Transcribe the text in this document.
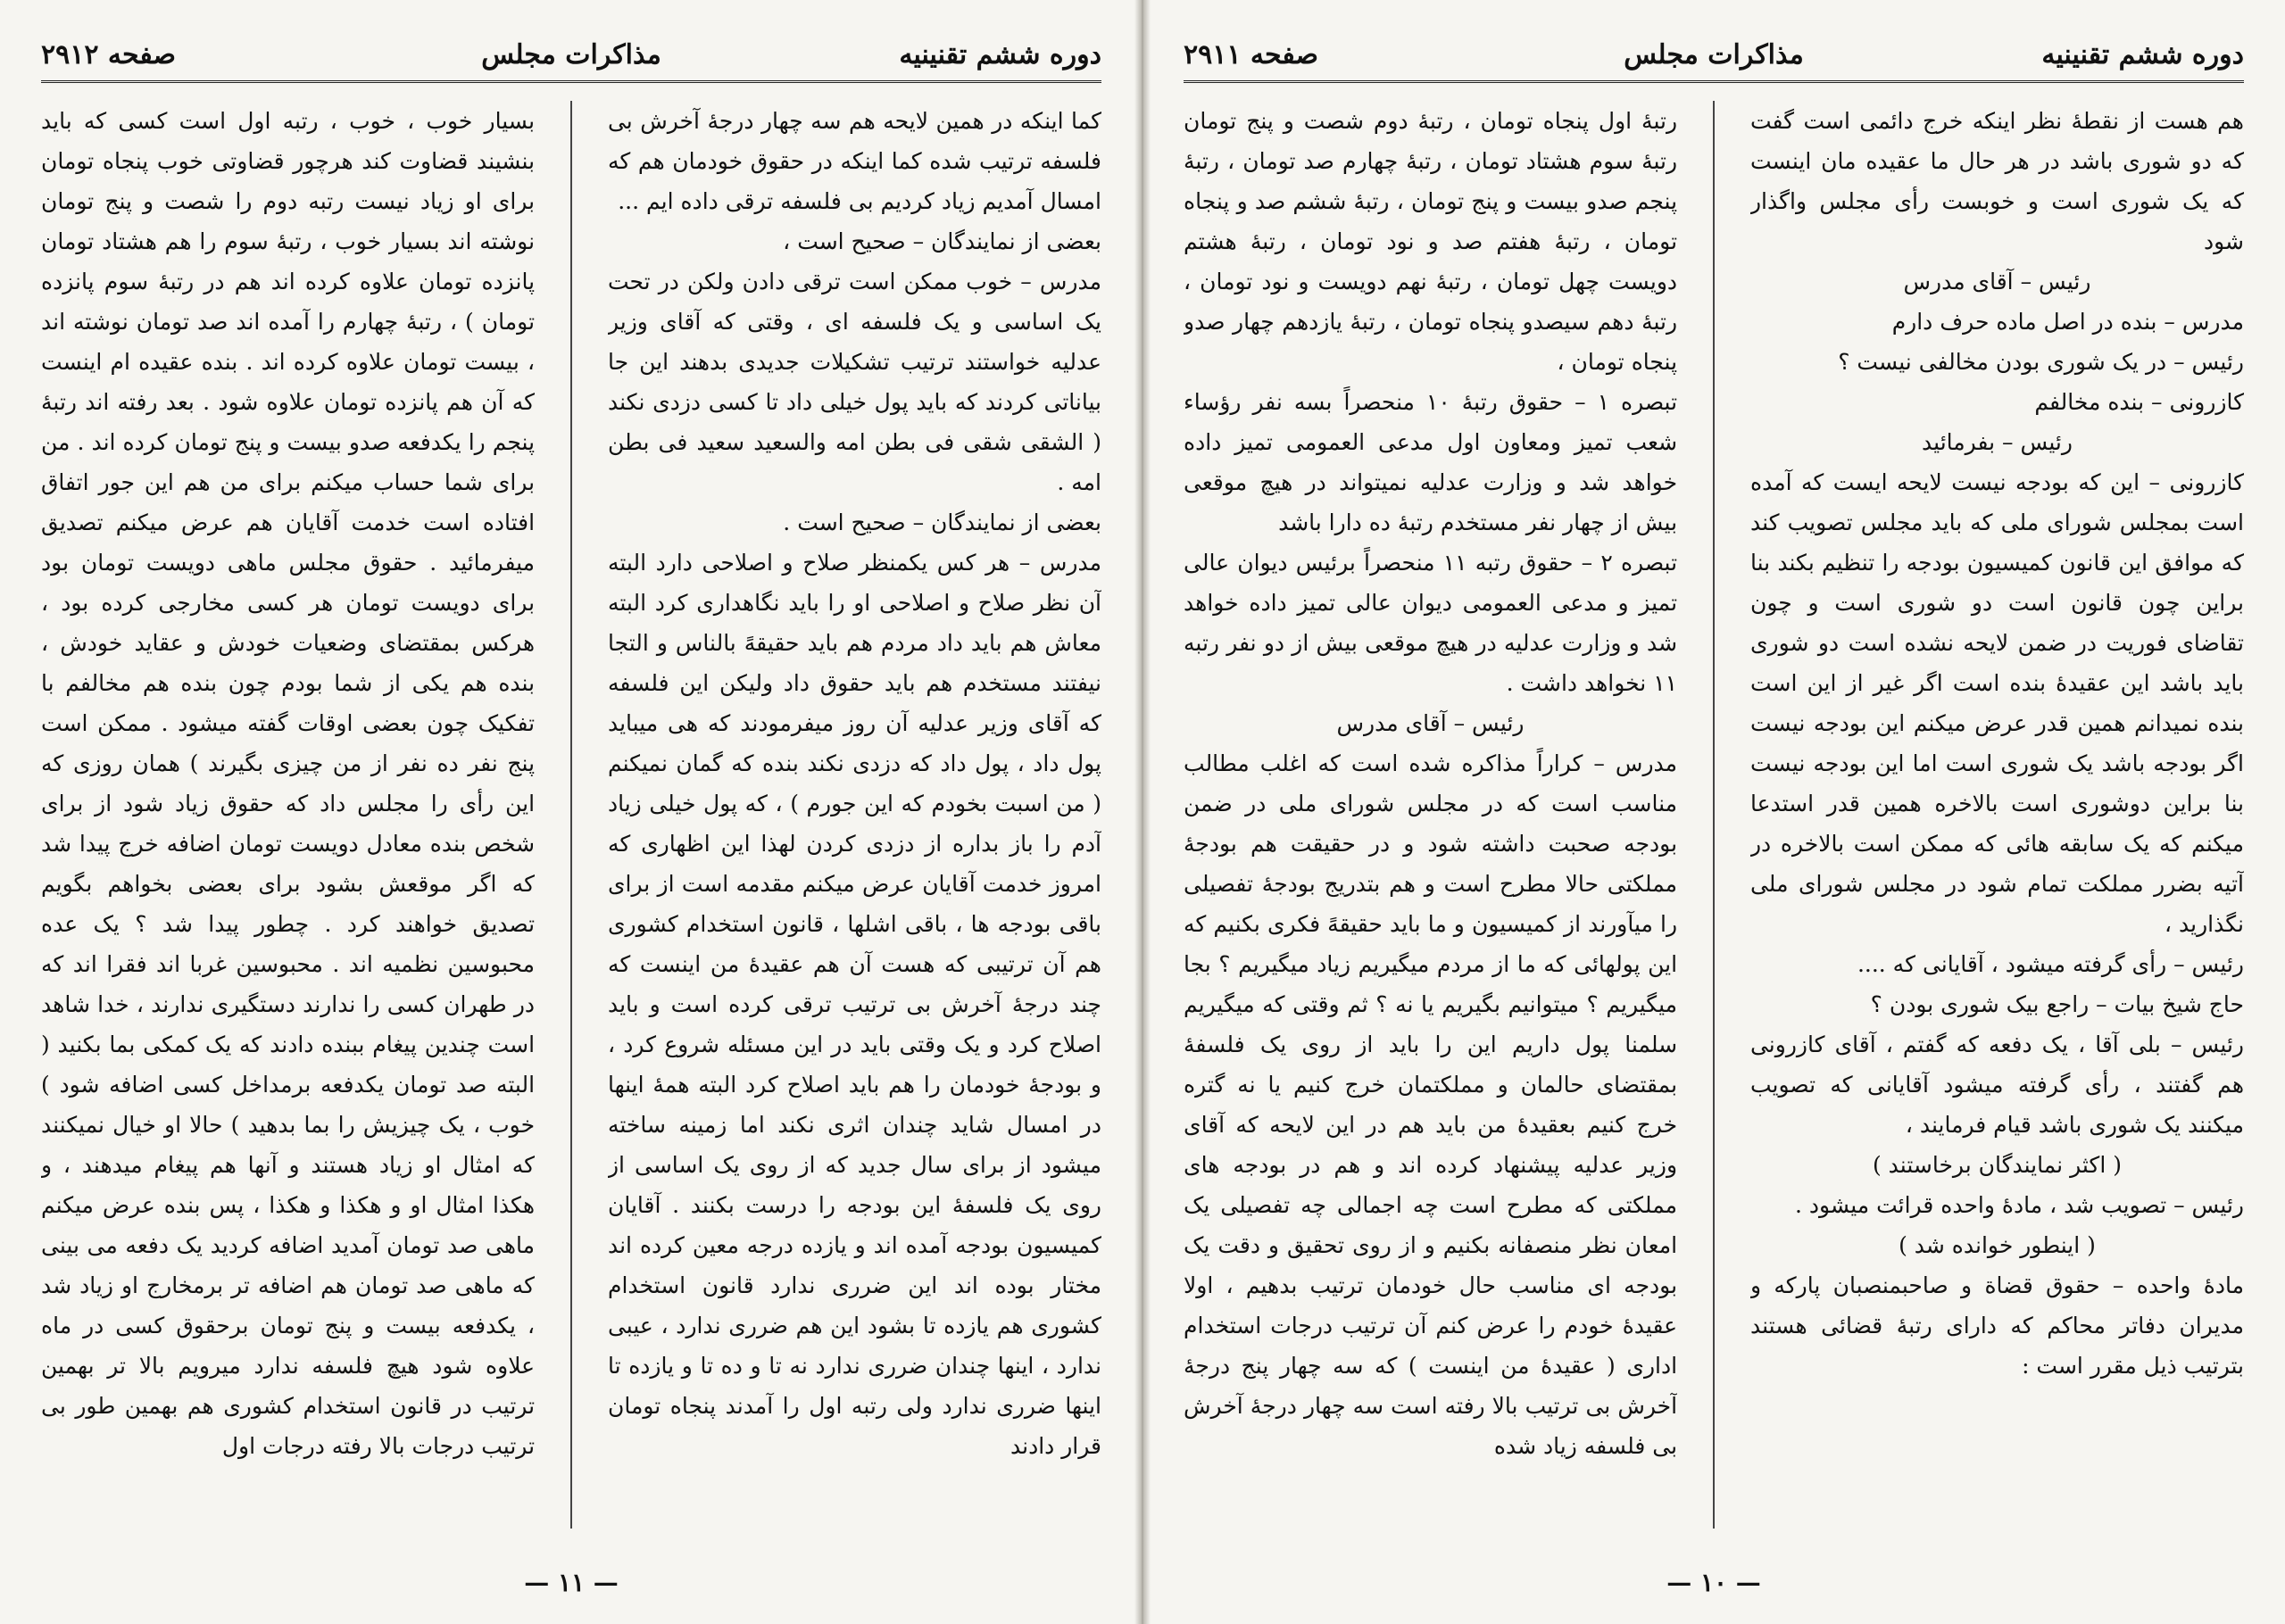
دوره ششم تقنینیه
مذاکرات مجلس
صفحه ۲۹۱۲

کما اینکه در همین لایحه هم سه چهار درجهٔ آخرش بی فلسفه ترتیب شده کما اینکه در حقوق خودمان هم که امسال آمدیم زیاد کردیم بی فلسفه ترقی داده ایم ...

بعضی از نمایندگان – صحیح است ،

مدرس – خوب ممکن است ترقی دادن ولکن در تحت یک اساسی و یک فلسفه ای ، وقتی که آقای وزیر عدلیه خواستند ترتیب تشکیلات جدیدی بدهند این جا بیاناتی کردند که باید پول خیلی داد تا کسی دزدی نکند ( الشقی شقی فی بطن امه والسعید سعید فی بطن امه .

بعضی از نمایندگان – صحیح است .

مدرس – هر کس یکمنظر صلاح و اصلاحی دارد البته آن نظر صلاح و اصلاحی او را باید نگاهداری کرد البته معاش هم باید داد مردم هم باید حقیقهً بالناس و التجا نیفتند مستخدم هم باید حقوق داد ولیکن این فلسفه که آقای وزیر عدلیه آن روز میفرمودند که هی میباید پول داد ، پول داد که دزدی نکند بنده که گمان نمیکنم ( من اسبت بخودم که این جورم ) ، که پول خیلی زیاد آدم را باز بداره از دزدی کردن لهذا این اظهاری که امروز خدمت آقایان عرض میکنم مقدمه است از برای باقی بودجه ها ، باقی اشلها ، قانون استخدام کشوری هم آن ترتیبی که هست آن هم عقیدهٔ من اینست که چند درجهٔ آخرش بی ترتیب ترقی کرده است و باید اصلاح کرد و یک وقتی باید در این مسئله شروع کرد ، و بودجهٔ خودمان را هم باید اصلاح کرد البته همهٔ اینها در امسال شاید چندان اثری نکند اما زمینه ساخته میشود از برای سال جدید که از روی یک اساسی از روی یک فلسفهٔ این بودجه را درست بکنند . آقایان کمیسیون بودجه آمده اند و یازده درجه معین کرده اند مختار بوده اند این ضرری ندارد قانون استخدام کشوری هم یازده تا بشود این هم ضرری ندارد ، عیبی ندارد ، اینها چندان ضرری ندارد نه تا و ده تا و یازده تا اینها ضرری ندارد ولی رتبه اول را آمدند پنجاه تومان قرار دادند

بسیار خوب ، خوب ، رتبه اول است کسی که باید بنشیند قضاوت کند هرچور قضاوتی خوب پنجاه تومان برای او زیاد نیست رتبه دوم را شصت و پنج تومان نوشته اند بسیار خوب ، رتبهٔ سوم را هم هشتاد تومان پانزده تومان علاوه کرده اند هم در رتبهٔ سوم پانزده تومان ) ، رتبهٔ چهارم را آمده اند صد تومان نوشته اند ، بیست تومان علاوه کرده اند . بنده عقیده ام اینست که آن هم پانزده تومان علاوه شود . بعد رفته اند رتبهٔ پنجم را یکدفعه صدو بیست و پنج تومان کرده اند . من برای شما حساب میکنم برای من هم این جور اتفاق افتاده است خدمت آقایان هم عرض میکنم تصدیق میفرمائید . حقوق مجلس ماهی دویست تومان بود برای دویست تومان هر کسی مخارجی کرده بود ، هرکس بمقتضای وضعیات خودش و عقاید خودش ، بنده هم یکی از شما بودم چون بنده هم مخالفم با تفکیک چون بعضی اوقات گفته میشود . ممکن است پنج نفر ده نفر از من چیزی بگیرند ) همان روزی که این رأی را مجلس داد که حقوق زیاد شود از برای شخص بنده معادل دویست تومان اضافه خرج پیدا شد که اگر موقعش بشود برای بعضی بخواهم بگویم تصدیق خواهند کرد . چطور پیدا شد ؟ یک عده محبوسین نظمیه اند . محبوسین غربا اند فقرا اند که در طهران کسی را ندارند دستگیری ندارند ، خدا شاهد است چندین پیغام ببنده دادند که یک کمکی بما بکنید ( البته صد تومان یکدفعه برمداخل کسی اضافه شود ) خوب ، یک چیزیش را بما بدهید ) حالا او خیال نمیکنند که امثال او زیاد هستند و آنها هم پیغام میدهند ، و هکذا امثال او و هکذا و هکذا ، پس بنده عرض میکنم ماهی صد تومان آمدید اضافه کردید یک دفعه می بینی که ماهی صد تومان هم اضافه تر برمخارج او زیاد شد ، یکدفعه بیست و پنج تومان برحقوق کسی در ماه علاوه شود هیچ فلسفه ندارد میرویم بالا تر بهمین ترتیب در قانون استخدام کشوری هم بهمین طور بی ترتیب درجات بالا رفته درجات اول

— ۱۱ —
دوره ششم تقنینیه
مذاکرات مجلس
صفحه ۲۹۱۱

هم هست از نقطهٔ نظر اینکه خرج دائمی است گفت که دو شوری باشد در هر حال ما عقیده مان اینست که یک شوری است و خوبست رأی مجلس واگذار شود

رئیس – آقای مدرس

مدرس – بنده در اصل ماده حرف دارم

رئیس – در یک شوری بودن مخالفی نیست ؟

کازرونی – بنده مخالفم

رئیس – بفرمائید

کازرونی – این که بودجه نیست لایحه ایست که آمده است بمجلس شورای ملی که باید مجلس تصویب کند که موافق این قانون کمیسیون بودجه را تنظیم بکند بنا براین چون قانون است دو شوری است و چون تقاضای فوریت در ضمن لایحه نشده است دو شوری باید باشد این عقیدهٔ بنده است اگر غیر از این است بنده نمیدانم همین قدر عرض میکنم این بودجه نیست اگر بودجه باشد یک شوری است اما این بودجه نیست بنا براین دوشوری است بالاخره همین قدر استدعا میکنم که یک سابقه هائی که ممکن است بالاخره در آتیه بضرر مملکت تمام شود در مجلس شورای ملی نگذارید ،

رئیس – رأی گرفته میشود ، آقایانی که ....

حاج شیخ بیات – راجع بیک شوری بودن ؟

رئیس – بلی آقا ، یک دفعه که گفتم ، آقای کازرونی هم گفتند ، رأی گرفته میشود آقایانی که تصویب میکنند یک شوری باشد قیام فرمایند ،

( اکثر نمایندگان برخاستند )

رئیس – تصویب شد ، مادهٔ واحده قرائت میشود .

( اینطور خوانده شد )

مادهٔ واحده – حقوق قضاة و صاحبمنصبان پارکه و مدیران دفاتر محاکم که دارای رتبهٔ قضائی هستند بترتیب ذیل مقرر است :

رتبهٔ اول پنجاه تومان ، رتبهٔ دوم شصت و پنج تومان رتبهٔ سوم هشتاد تومان ، رتبهٔ چهارم صد تومان ، رتبهٔ پنجم صدو بیست و پنج تومان ، رتبهٔ ششم صد و پنجاه تومان ، رتبهٔ هفتم صد و نود تومان ، رتبهٔ هشتم دویست چهل تومان ، رتبهٔ نهم دویست و نود تومان ، رتبهٔ دهم سیصدو پنجاه تومان ، رتبهٔ یازدهم چهار صدو پنجاه تومان ،

تبصره ۱ – حقوق رتبهٔ ۱۰ منحصراً بسه نفر رؤساء شعب تمیز ومعاون اول مدعی العمومی تمیز داده خواهد شد و وزارت عدلیه نمیتواند در هیچ موقعی بیش از چهار نفر مستخدم رتبهٔ ده دارا باشد

تبصره ۲ – حقوق رتبه ۱۱ منحصراً برئیس دیوان عالی تمیز و مدعی العمومی دیوان عالی تمیز داده خواهد شد و وزارت عدلیه در هیچ موقعی بیش از دو نفر رتبه ۱۱ نخواهد داشت .

رئیس – آقای مدرس

مدرس – کراراً مذاکره شده است که اغلب مطالب مناسب است که در مجلس شورای ملی در ضمن بودجه صحبت داشته شود و در حقیقت هم بودجهٔ مملکتی حالا مطرح است و هم بتدریج بودجهٔ تفصیلی را میآورند از کمیسیون و ما باید حقیقهً فکری بکنیم که این پولهائی که ما از مردم میگیریم زیاد میگیریم ؟ بجا میگیریم ؟ میتوانیم بگیریم یا نه ؟ ثم وقتی که میگیریم سلمنا پول داریم این را باید از روی یک فلسفهٔ بمقتضای حالمان و مملکتمان خرج کنیم یا نه گتره خرج کنیم بعقیدهٔ من باید هم در این لایحه که آقای وزیر عدلیه پیشنهاد کرده اند و هم در بودجه های مملکتی که مطرح است چه اجمالی چه تفصیلی یک امعان نظر منصفانه بکنیم و از روی تحقیق و دقت یک بودجه ای مناسب حال خودمان ترتیب بدهیم ، اولا عقیدهٔ خودم را عرض کنم آن ترتیب درجات استخدام اداری ( عقیدهٔ من اینست ) که سه چهار پنج درجهٔ آخرش بی ترتیب بالا رفته است سه چهار درجهٔ آخرش بی فلسفه زیاد شده

— ۱۰ —
